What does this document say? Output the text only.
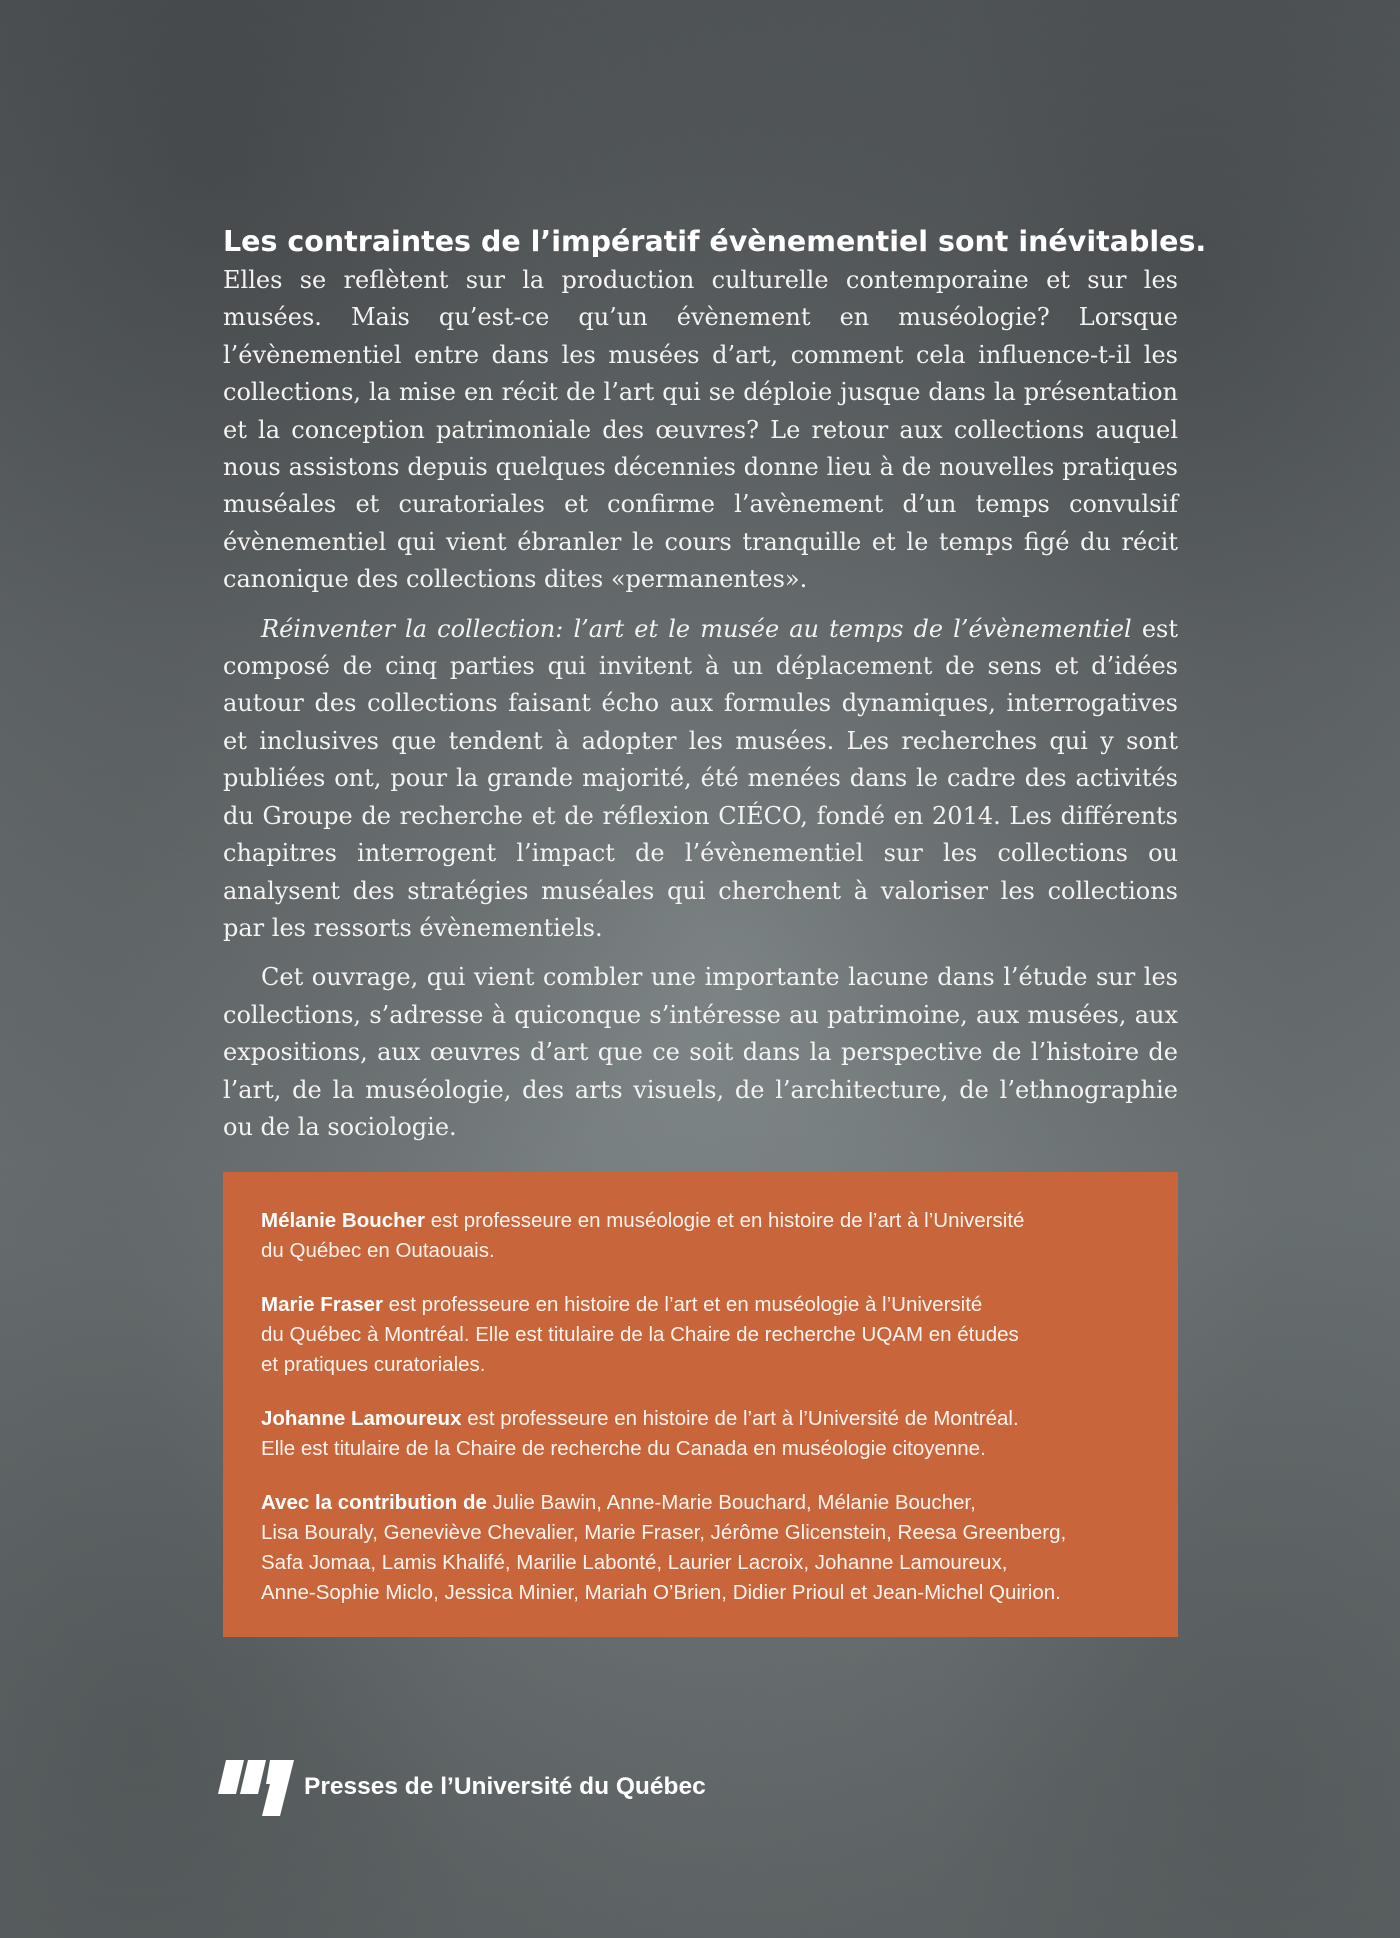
Les contraintes de l’impératif évènementiel sont inévitables.

Elles se reflètent sur la production culturelle contemporaine et sur les musées. Mais qu’est-ce qu’un évènement en muséologie? Lorsque l’évènementiel entre dans les musées d’art, comment cela influence-t-il les collections, la mise en récit de l’art qui se déploie jusque dans la présentation et la conception patrimoniale des œuvres? Le retour aux collections auquel nous assistons depuis quelques décennies donne lieu à de nouvelles pratiques muséales et curatoriales et confirme l’avènement d’un temps convulsif évènementiel qui vient ébranler le cours tranquille et le temps figé du récit canonique des collections dites «permanentes».

Réinventer la collection: l’art et le musée au temps de l’évènementiel est composé de cinq parties qui invitent à un déplacement de sens et d’idées autour des collections faisant écho aux formules dynamiques, interrogatives et inclusives que tendent à adopter les musées. Les recherches qui y sont publiées ont, pour la grande majorité, été menées dans le cadre des activités du Groupe de recherche et de réflexion CIÉCO, fondé en 2014. Les différents chapitres interrogent l’impact de l’évènementiel sur les collections ou analysent des stratégies muséales qui cherchent à valoriser les collections par les ressorts évènementiels.

Cet ouvrage, qui vient combler une importante lacune dans l’étude sur les collections, s’adresse à quiconque s’intéresse au patrimoine, aux musées, aux expositions, aux œuvres d’art que ce soit dans la perspective de l’histoire de l’art, de la muséologie, des arts visuels, de l’architecture, de l’ethnographie ou de la sociologie.

Mélanie Boucher est professeure en muséologie et en histoire de l’art à l’Université
du Québec en Outaouais.

Marie Fraser est professeure en histoire de l’art et en muséologie à l’Université
du Québec à Montréal. Elle est titulaire de la Chaire de recherche UQAM en études
et pratiques curatoriales.

Johanne Lamoureux est professeure en histoire de l’art à l’Université de Montréal.
Elle est titulaire de la Chaire de recherche du Canada en muséologie citoyenne.

Avec la contribution de Julie Bawin, Anne-Marie Bouchard, Mélanie Boucher,
Lisa Bouraly, Geneviève Chevalier, Marie Fraser, Jérôme Glicenstein, Reesa Greenberg,
Safa Jomaa, Lamis Khalifé, Marilie Labonté, Laurier Lacroix, Johanne Lamoureux,
Anne-Sophie Miclo, Jessica Minier, Mariah O’Brien, Didier Prioul et Jean-Michel Quirion.

Presses de l’Université du Québec
